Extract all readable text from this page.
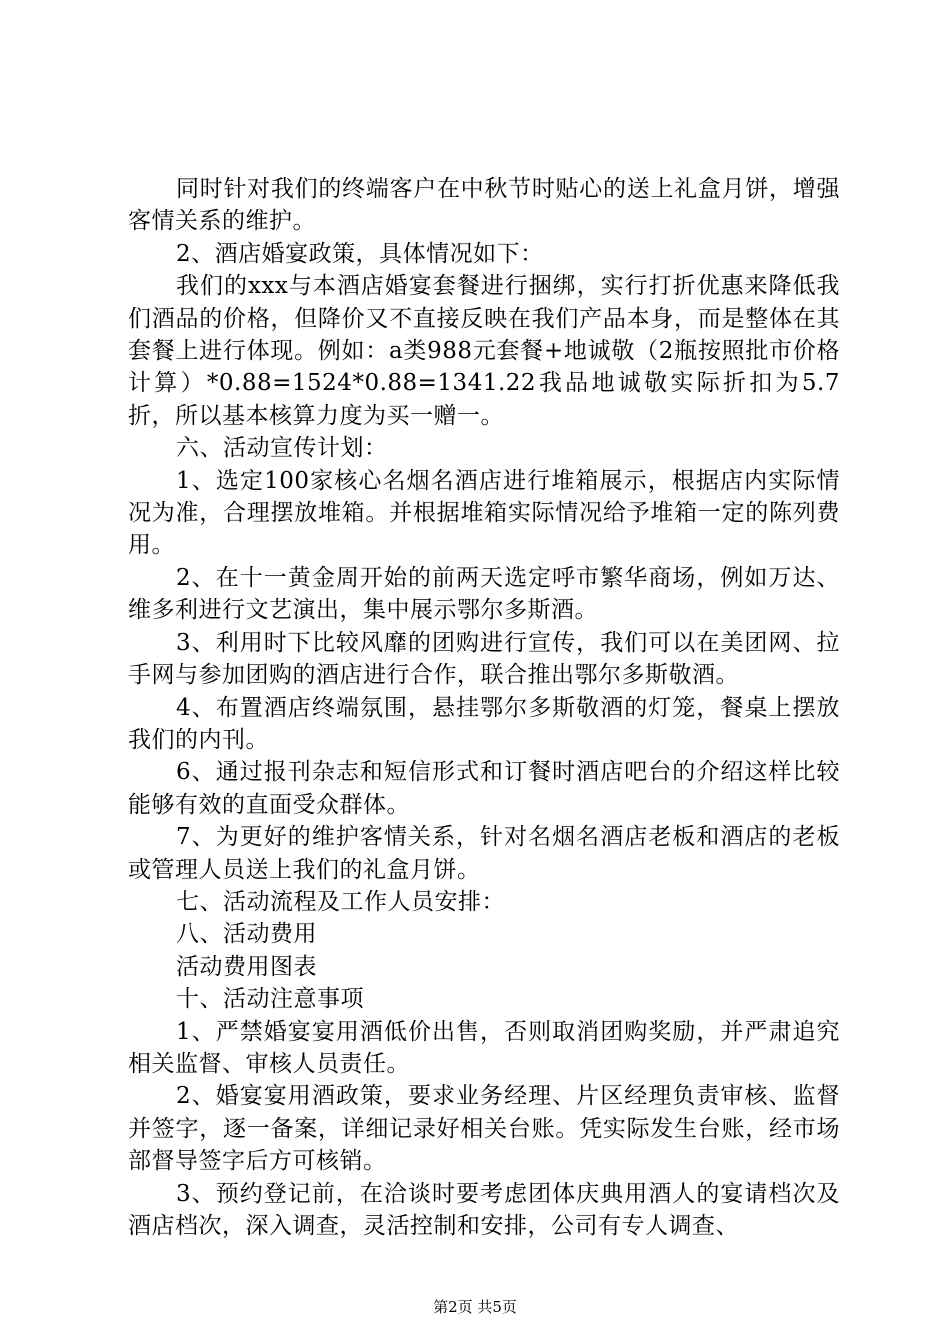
同时针对我们的终端客户在中秋节时贴心的送上礼盒月饼，增强客情关系的维护。

2、酒店婚宴政策，具体情况如下：

我们的xxx与本酒店婚宴套餐进行捆绑，实行打折优惠来降低我们酒品的价格，但降价又不直接反映在我们产品本身，而是整体在其套餐上进行体现。例如：a类988元套餐+地诚敬（2瓶按照批市价格计算）*0.88=1524*0.88=1341.22我品地诚敬实际折扣为5.7折，所以基本核算力度为买一赠一。

六、活动宣传计划：

1、选定100家核心名烟名酒店进行堆箱展示，根据店内实际情况为准，合理摆放堆箱。并根据堆箱实际情况给予堆箱一定的陈列费用。

2、在十一黄金周开始的前两天选定呼市繁华商场，例如万达、维多利进行文艺演出，集中展示鄂尔多斯酒。

3、利用时下比较风靡的团购进行宣传，我们可以在美团网、拉手网与参加团购的酒店进行合作，联合推出鄂尔多斯敬酒。

4、布置酒店终端氛围，悬挂鄂尔多斯敬酒的灯笼，餐桌上摆放我们的内刊。

6、通过报刊杂志和短信形式和订餐时酒店吧台的介绍这样比较能够有效的直面受众群体。

7、为更好的维护客情关系，针对名烟名酒店老板和酒店的老板或管理人员送上我们的礼盒月饼。

七、活动流程及工作人员安排：

八、活动费用

活动费用图表

十、活动注意事项

1、严禁婚宴宴用酒低价出售，否则取消团购奖励，并严肃追究相关监督、审核人员责任。

2、婚宴宴用酒政策，要求业务经理、片区经理负责审核、监督并签字，逐一备案，详细记录好相关台账。凭实际发生台账，经市场部督导签字后方可核销。

3、预约登记前，在洽谈时要考虑团体庆典用酒人的宴请档次及酒店档次，深入调查，灵活控制和安排，公司有专人调查、

第2页 共5页
